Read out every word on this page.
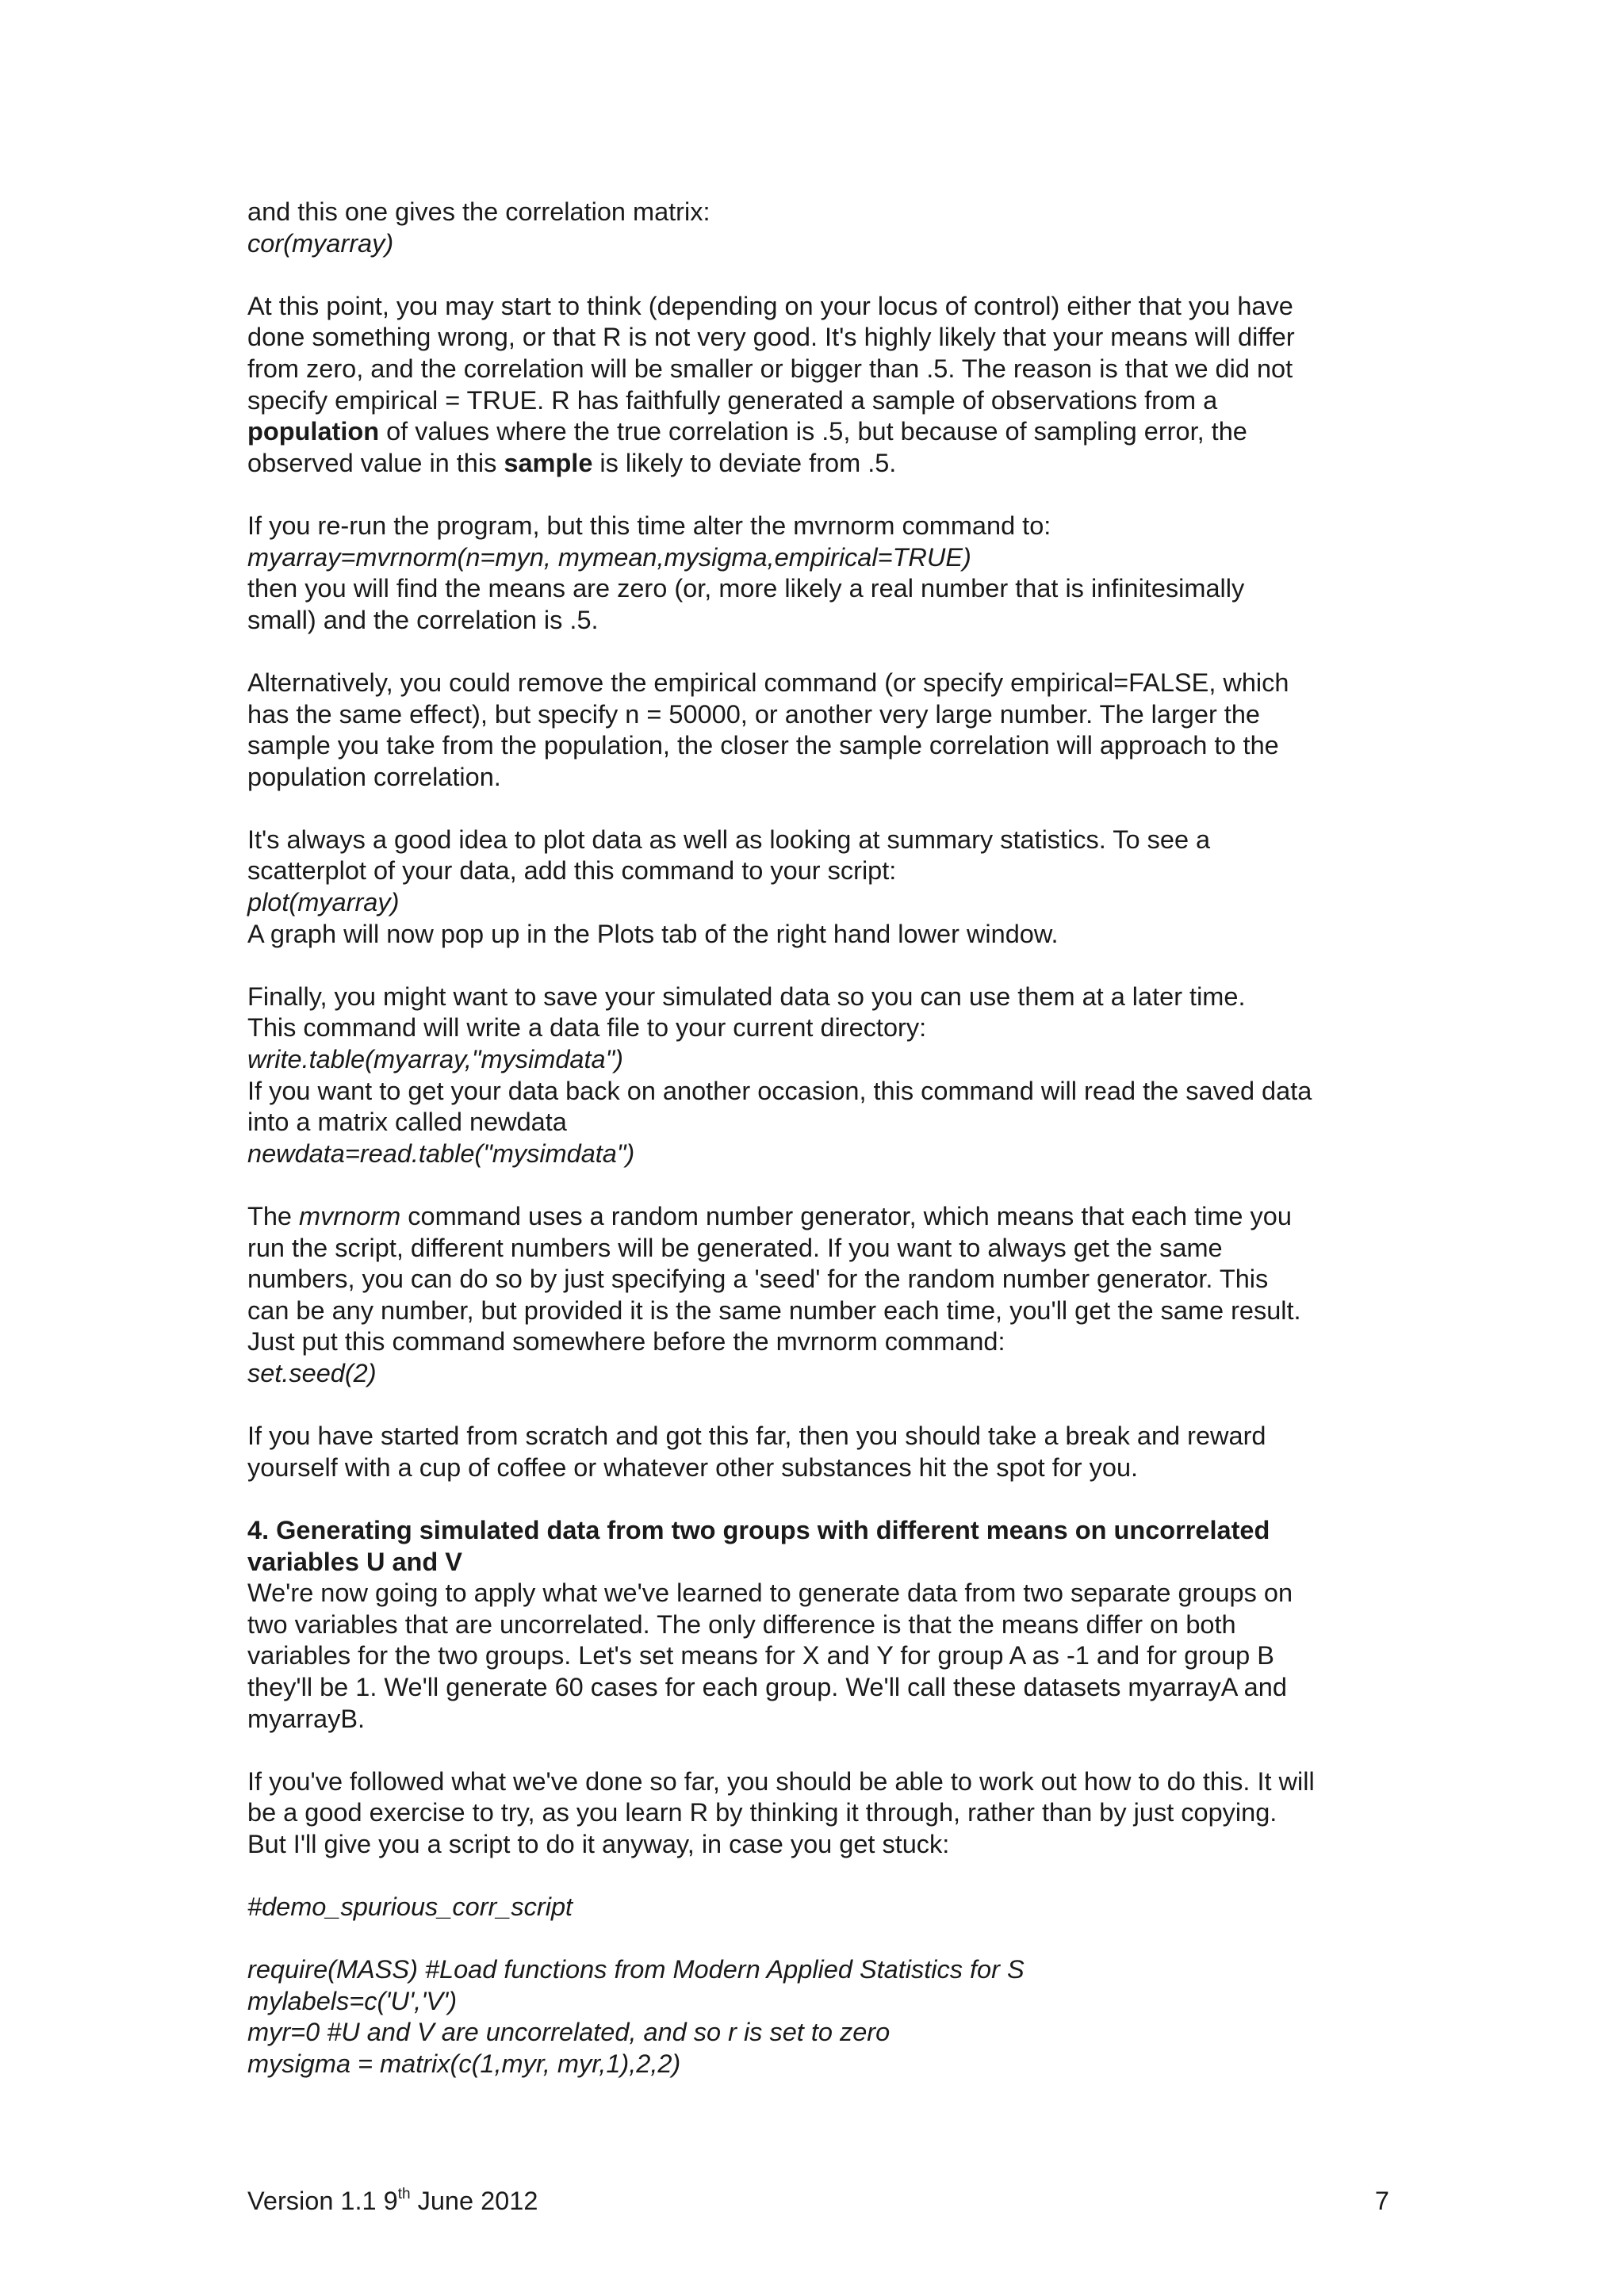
and this one gives the correlation matrix:
cor(myarray)

At this point, you may start to think (depending on your locus of control) either that you have
done something wrong, or that R is not very good. It's highly likely that your means will differ
from zero, and the correlation will be smaller or bigger than .5. The reason is that we did not
specify empirical = TRUE. R has faithfully generated a sample of observations from a
population of values where the true correlation is .5, but because of sampling error, the
observed value in this sample is likely to deviate from .5.

If you re-run the program, but this time alter the mvrnorm command to:
myarray=mvrnorm(n=myn, mymean,mysigma,empirical=TRUE)
then you will find the means are zero (or, more likely a real number that is infinitesimally
small) and the correlation is .5.

Alternatively, you could remove the empirical command (or specify empirical=FALSE, which
has the same effect), but specify n = 50000, or another very large number. The larger the
sample you take from the population, the closer the sample correlation will approach to the
population correlation.

It's always a good idea to plot data as well as looking at summary statistics. To see a
scatterplot of your data, add this command to your script:
plot(myarray)
A graph will now pop up in the Plots tab of the right hand lower window.

Finally, you might want to save your simulated data so you can use them at a later time.
This command will write a data file to your current directory:
write.table(myarray,"mysimdata")
If you want to get your data back on another occasion, this command will read the saved data
into a matrix called newdata
newdata=read.table("mysimdata")

The mvrnorm command uses a random number generator, which means that each time you
run the script, different numbers will be generated. If you want to always get the same
numbers, you can do so by just specifying a 'seed' for the random number generator. This
can be any number, but provided it is the same number each time, you'll get the same result.
Just put this command somewhere before the mvrnorm command:
set.seed(2)

If you have started from scratch and got this far, then you should take a break and reward
yourself with a cup of coffee or whatever other substances hit the spot for you.

4. Generating simulated data from two groups with different means on uncorrelated
variables U and V
We're now going to apply what we've learned to generate data from two separate groups on
two variables that are uncorrelated. The only difference is that the means differ on both
variables for the two groups. Let's set means for X and Y for group A as -1 and for group B
they'll be 1. We'll generate 60 cases for each group. We'll call these datasets myarrayA and
myarrayB.

If you've followed what we've done so far, you should be able to work out how to do this. It will
be a good exercise to try, as you learn R by thinking it through, rather than by just copying.
But I'll give you a script to do it anyway, in case you get stuck:

#demo_spurious_corr_script

require(MASS) #Load functions from Modern Applied Statistics for S
mylabels=c('U','V')
myr=0 #U and V are uncorrelated, and so r is set to zero
mysigma = matrix(c(1,myr, myr,1),2,2)

Version 1.1 9th June 2012	7
